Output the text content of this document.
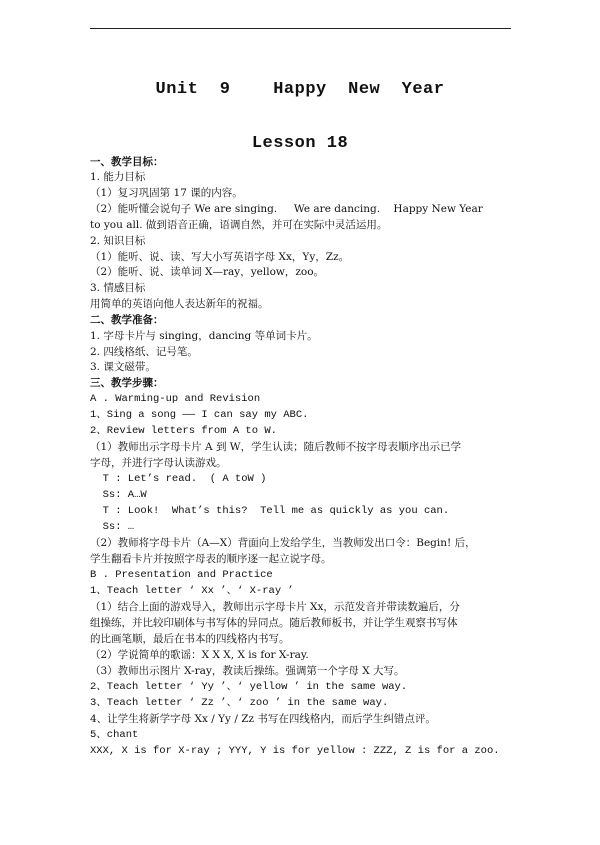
Unit  9    Happy  New  Year
Lesson 18
一、教学目标：
1. 能力目标
（1）复习巩固第 17 课的内容。
（2）能听懂会说句子 We are singing.     We are dancing.    Happy New Year
to you all. 做到语音正确，语调自然，并可在实际中灵活运用。
2. 知识目标
（1）能听、说、读、写大小写英语字母 Xx，Yy，Zz。
（2）能听、说、读单词 X—ray，yellow，zoo。
3. 情感目标
用简单的英语向他人表达新年的祝福。
二、教学准备：
1. 字母卡片与 singing，dancing 等单词卡片。
2. 四线格纸、记号笔。
3. 课文磁带。
三、教学步骤：
A . Warming-up and Revision
1、Sing a song —— I can say my ABC.
2、Review letters from A to W.
（1）教师出示字母卡片 A 到 W，学生认读；随后教师不按字母表顺序出示已学
字母，并进行字母认读游戏。
T : Let’s read.  ( A toW )
Ss: A…W
T : Look!  What’s this?  Tell me as quickly as you can.
Ss: …
（2）教师将字母卡片（A—X）背面向上发给学生，当教师发出口令：Begin! 后，
学生翻看卡片并按照字母表的顺序逐一起立说字母。
B . Presentation and Practice
1、Teach letter ‘ Xx ’、‘ X-ray ’
（1）结合上面的游戏导入，教师出示字母卡片 Xx，示范发音并带读数遍后，分
组操练，并比较印刷体与书写体的异同点。随后教师板书，并让学生观察书写体
的比画笔顺，最后在书本的四线格内书写。
（2）学说简单的歌谣：X X X, X is for X-ray.
（3）教师出示图片 X-ray，教读后操练。强调第一个字母 X 大写。
2、Teach letter ‘ Yy ’、‘ yellow ’ in the same way.
3、Teach letter ‘ Zz ’、‘ zoo ’ in the same way.
4、让学生将新学字母 Xx / Yy / Zz 书写在四线格内，而后学生纠错点评。
5、chant
XXX, X is for X-ray ; YYY, Y is for yellow : ZZZ, Z is for a zoo.
